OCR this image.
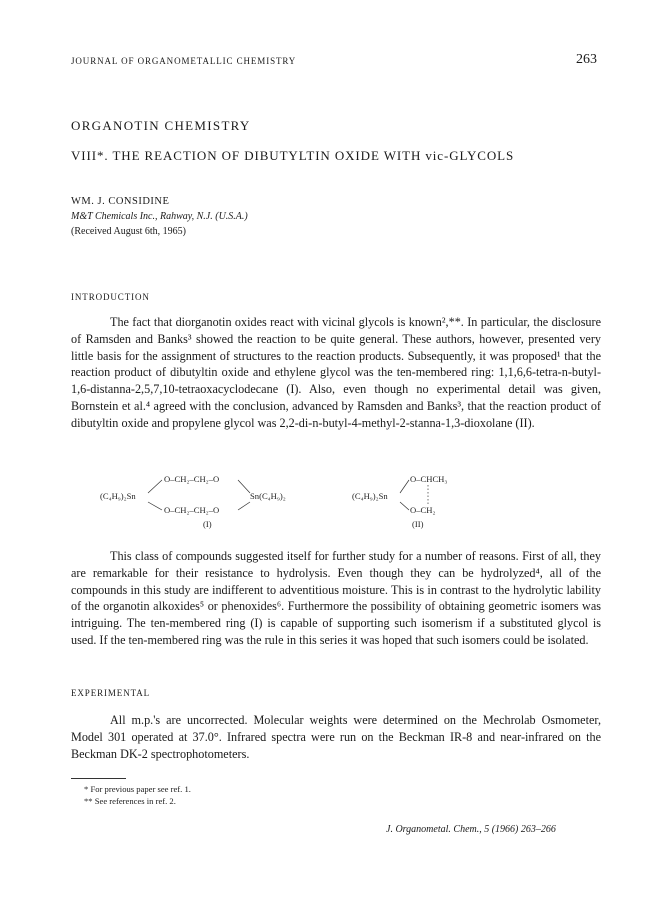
JOURNAL OF ORGANOMETALLIC CHEMISTRY	263
ORGANOTIN CHEMISTRY
VIII*. THE REACTION OF DIBUTYLTIN OXIDE WITH vic-GLYCOLS
WM. J. CONSIDINE
M&T Chemicals Inc., Rahway, N.J. (U.S.A.)
(Received August 6th, 1965)
INTRODUCTION
The fact that diorganotin oxides react with vicinal glycols is known²,**. In particular, the disclosure of Ramsden and Banks³ showed the reaction to be quite general. These authors, however, presented very little basis for the assignment of structures to the reaction products. Subsequently, it was proposed¹ that the reaction product of dibutyltin oxide and ethylene glycol was the ten-membered ring: 1,1,6,6-tetra-n-butyl-1,6-distanna-2,5,7,10-tetraoxacyclodecane (I). Also, even though no experimental detail was given, Bornstein et al.⁴ agreed with the conclusion, advanced by Ramsden and Banks³, that the reaction product of dibutyltin oxide and propylene glycol was 2,2-di-n-butyl-4-methyl-2-stanna-1,3-dioxolane (II).
O–CH₂–CH₂–O
(C₄H₉)₂Sn	Sn(C₄H₉)₂
O–CH₂–CH₂–O
(I)
O–CHCH₃
(C₄H₉)₂Sn
O–CH₂
(II)
This class of compounds suggested itself for further study for a number of reasons. First of all, they are remarkable for their resistance to hydrolysis. Even though they can be hydrolyzed⁴, all of the compounds in this study are indifferent to adventitious moisture. This is in contrast to the hydrolytic lability of the organotin alkoxides⁵ or phenoxides⁶. Furthermore the possibility of obtaining geometric isomers was intriguing. The ten-membered ring (I) is capable of supporting such isomerism if a substituted glycol is used. If the ten-membered ring was the rule in this series it was hoped that such isomers could be isolated.
EXPERIMENTAL
All m.p.'s are uncorrected. Molecular weights were determined on the Mechrolab Osmometer, Model 301 operated at 37.0°. Infrared spectra were run on the Beckman IR-8 and near-infrared on the Beckman DK-2 spectrophotometers.
* For previous paper see ref. 1.
** See references in ref. 2.
J. Organometal. Chem., 5 (1966) 263–266
